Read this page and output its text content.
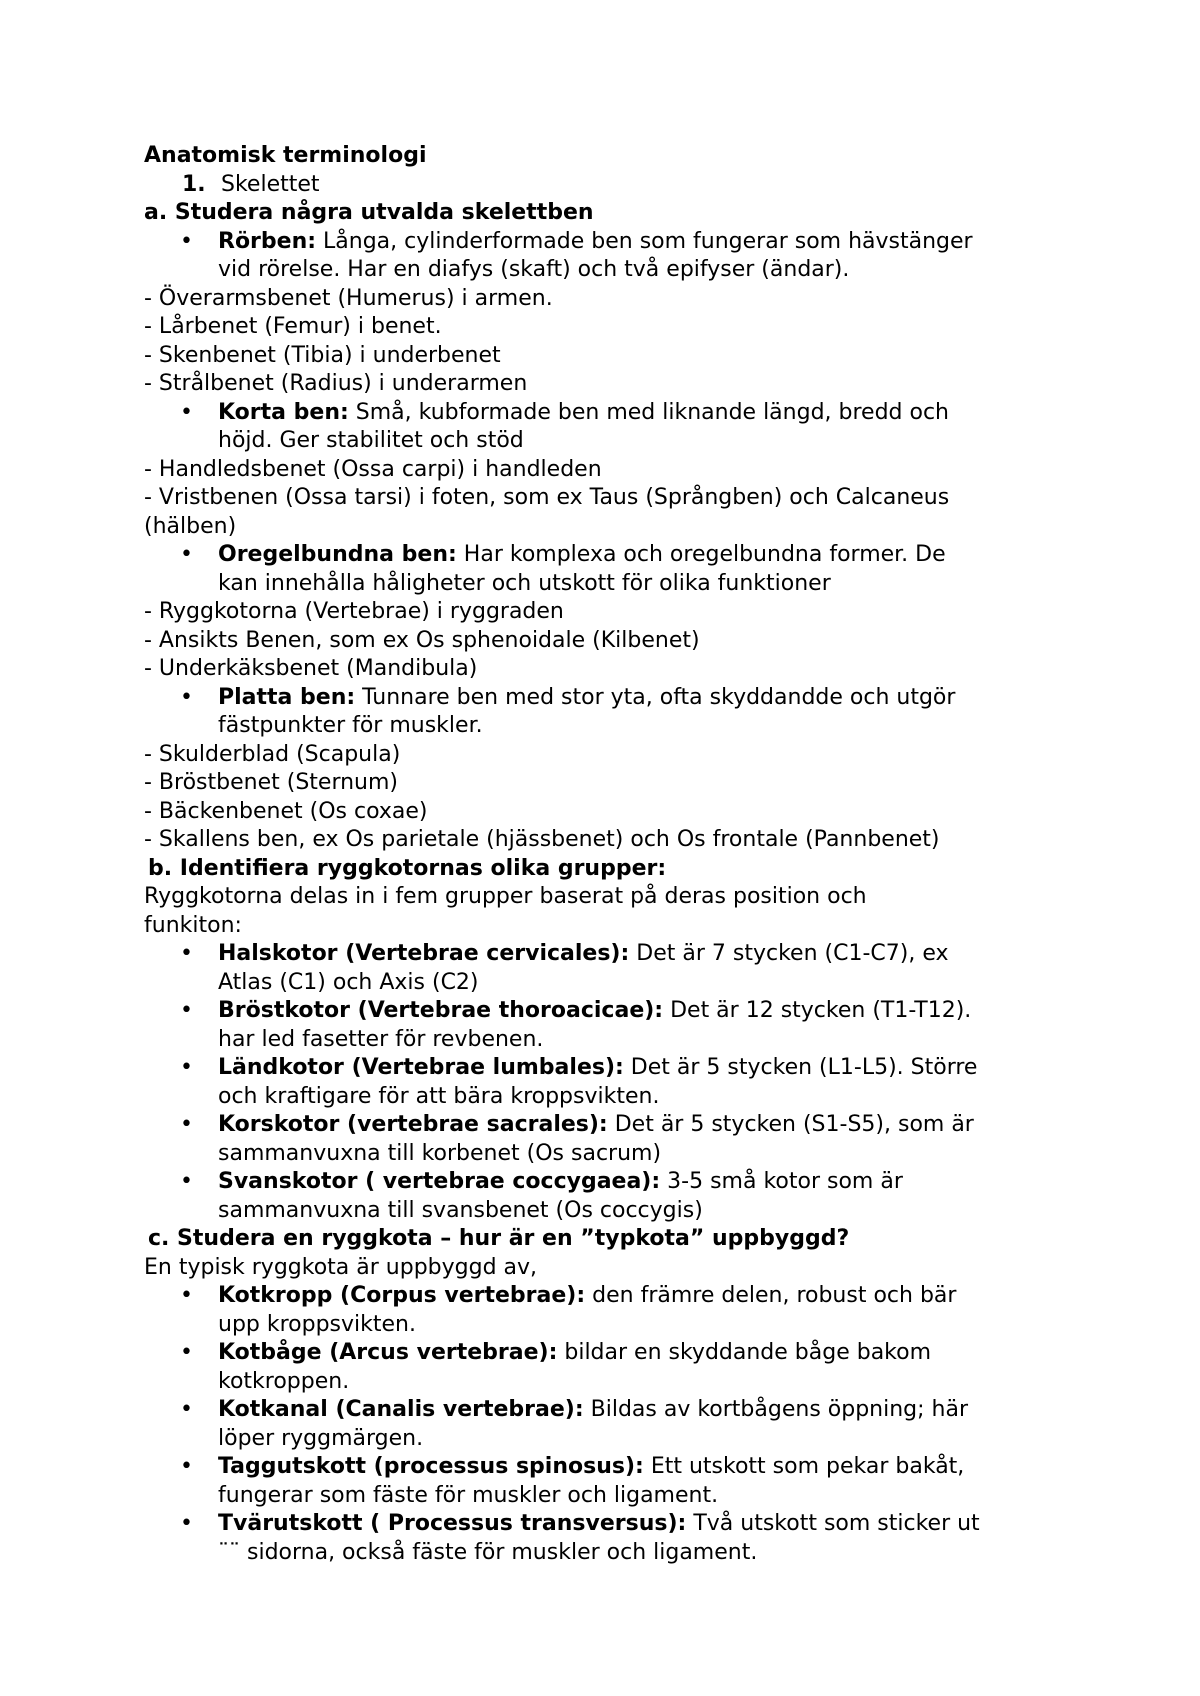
Anatomisk terminologi
1. Skelettet
a. Studera några utvalda skelettben
• Rörben: Långa, cylinderformade ben som fungerar som hävstänger
vid rörelse. Har en diafys (skaft) och två epifyser (ändar).
- Överarmsbenet (Humerus) i armen.
- Lårbenet (Femur) i benet.
- Skenbenet (Tibia) i underbenet
- Strålbenet (Radius) i underarmen
• Korta ben: Små, kubformade ben med liknande längd, bredd och
höjd. Ger stabilitet och stöd
- Handledsbenet (Ossa carpi) i handleden
- Vristbenen (Ossa tarsi) i foten, som ex Taus (Språngben) och Calcaneus
(hälben)
• Oregelbundna ben: Har komplexa och oregelbundna former. De
kan innehålla håligheter och utskott för olika funktioner
- Ryggkotorna (Vertebrae) i ryggraden
- Ansikts Benen, som ex Os sphenoidale (Kilbenet)
- Underkäksbenet (Mandibula)
• Platta ben: Tunnare ben med stor yta, ofta skyddandde och utgör
fästpunkter för muskler.
- Skulderblad (Scapula)
- Bröstbenet (Sternum)
- Bäckenbenet (Os coxae)
- Skallens ben, ex Os parietale (hjässbenet) och Os frontale (Pannbenet)
b. Identifiera ryggkotornas olika grupper:
Ryggkotorna delas in i fem grupper baserat på deras position och
funkiton:
• Halskotor (Vertebrae cervicales): Det är 7 stycken (C1-C7), ex
Atlas (C1) och Axis (C2)
• Bröstkotor (Vertebrae thoroacicae): Det är 12 stycken (T1-T12).
har led fasetter för revbenen.
• Ländkotor (Vertebrae lumbales): Det är 5 stycken (L1-L5). Större
och kraftigare för att bära kroppsvikten.
• Korskotor (vertebrae sacrales): Det är 5 stycken (S1-S5), som är
sammanvuxna till korbenet (Os sacrum)
• Svanskotor ( vertebrae coccygaea): 3-5 små kotor som är
sammanvuxna till svansbenet (Os coccygis)
c. Studera en ryggkota – hur är en ”typkota” uppbyggd?
En typisk ryggkota är uppbyggd av,
• Kotkropp (Corpus vertebrae): den främre delen, robust och bär
upp kroppsvikten.
• Kotbåge (Arcus vertebrae): bildar en skyddande båge bakom
kotkroppen.
• Kotkanal (Canalis vertebrae): Bildas av kortbågens öppning; här
löper ryggmärgen.
• Taggutskott (processus spinosus): Ett utskott som pekar bakåt,
fungerar som fäste för muskler och ligament.
• Tvärutskott ( Processus transversus): Två utskott som sticker ut
¨¨ sidorna, också fäste för muskler och ligament.
